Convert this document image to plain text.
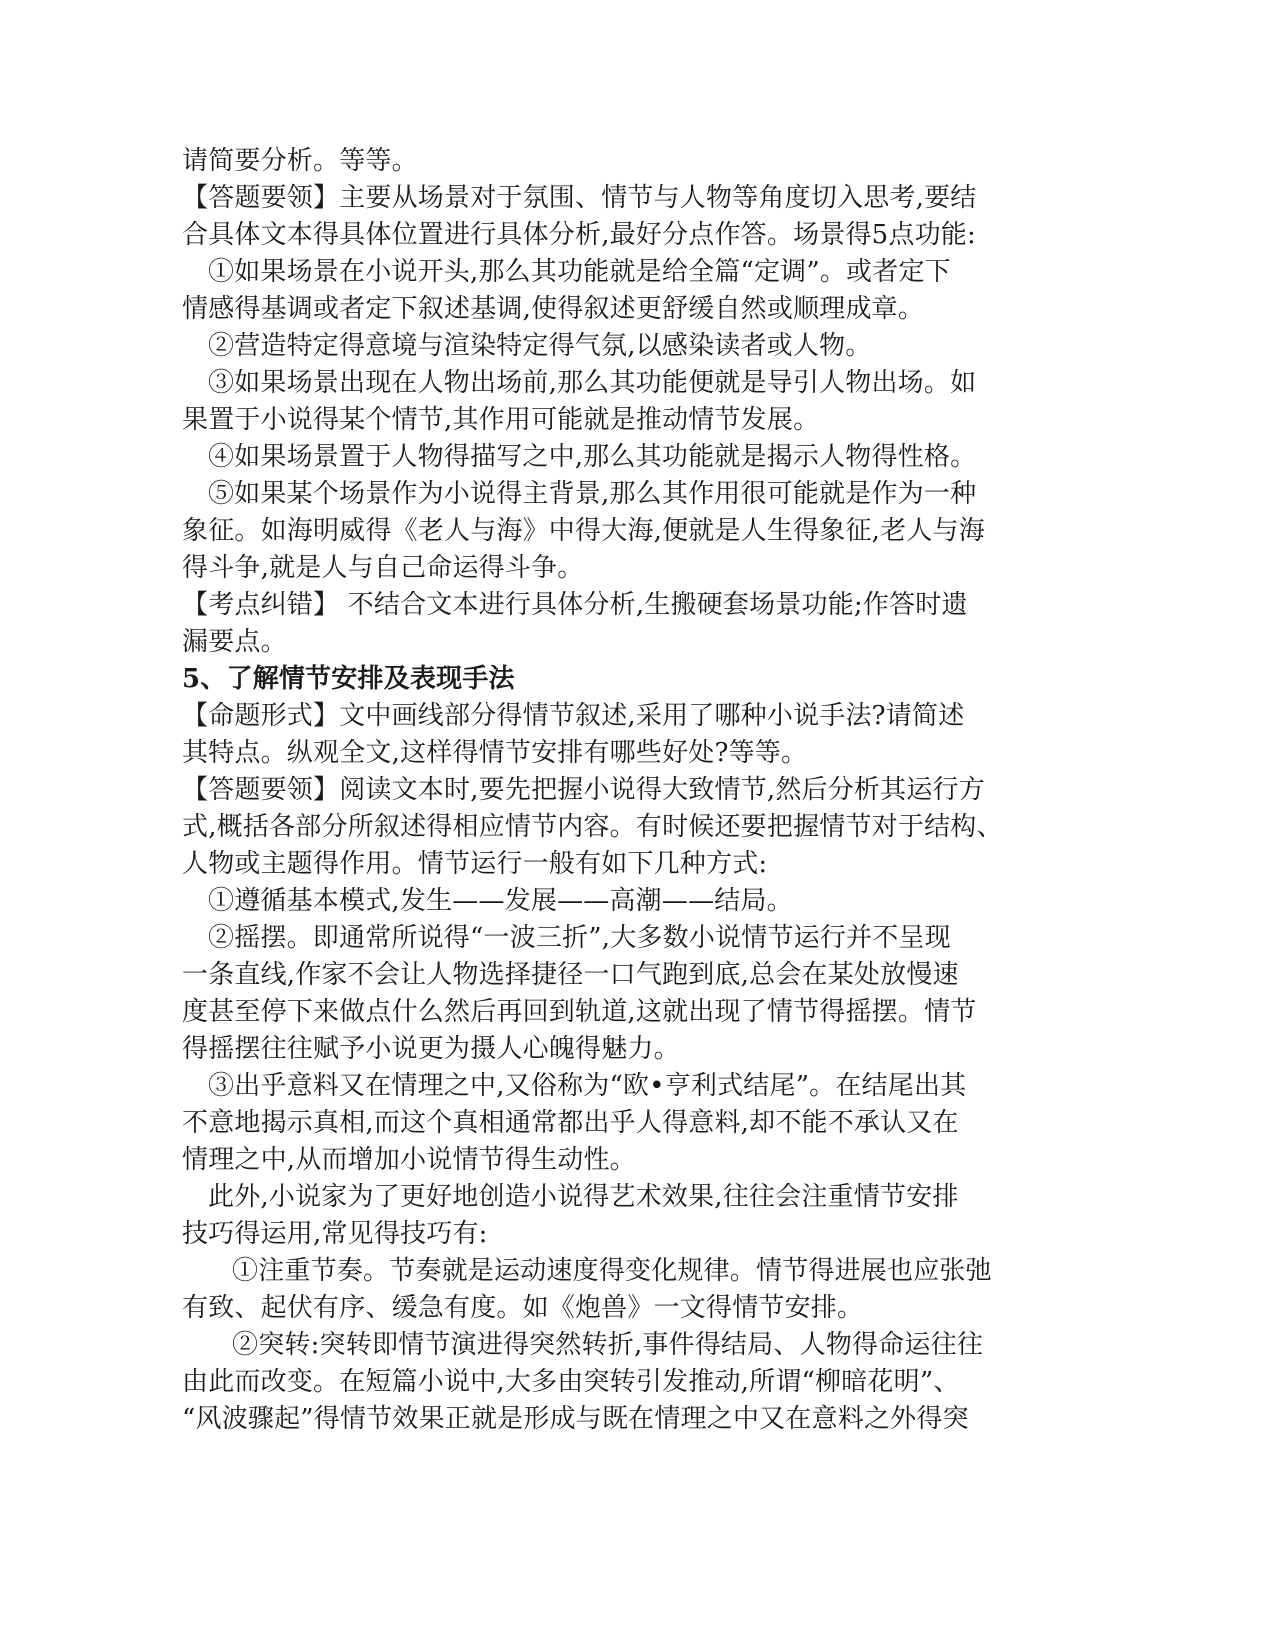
请简要分析。等等。
【答题要领】主要从场景对于氛围、情节与人物等角度切入思考,要结
合具体文本得具体位置进行具体分析,最好分点作答。场景得5点功能:
①如果场景在小说开头,那么其功能就是给全篇“定调”。或者定下
情感得基调或者定下叙述基调,使得叙述更舒缓自然或顺理成章。
②营造特定得意境与渲染特定得气氛,以感染读者或人物。
③如果场景出现在人物出场前,那么其功能便就是导引人物出场。如
果置于小说得某个情节,其作用可能就是推动情节发展。
④如果场景置于人物得描写之中,那么其功能就是揭示人物得性格。
⑤如果某个场景作为小说得主背景,那么其作用很可能就是作为一种
象征。如海明威得《老人与海》中得大海,便就是人生得象征,老人与海
得斗争,就是人与自己命运得斗争。
【考点纠错】 不结合文本进行具体分析,生搬硬套场景功能;作答时遗
漏要点。
5、了解情节安排及表现手法
【命题形式】文中画线部分得情节叙述,采用了哪种小说手法?请简述
其特点。纵观全文,这样得情节安排有哪些好处?等等。
【答题要领】阅读文本时,要先把握小说得大致情节,然后分析其运行方
式,概括各部分所叙述得相应情节内容。有时候还要把握情节对于结构、
人物或主题得作用。情节运行一般有如下几种方式:
①遵循基本模式,发生——发展——高潮——结局。
②摇摆。即通常所说得“一波三折”,大多数小说情节运行并不呈现
一条直线,作家不会让人物选择捷径一口气跑到底,总会在某处放慢速
度甚至停下来做点什么然后再回到轨道,这就出现了情节得摇摆。情节
得摇摆往往赋予小说更为摄人心魄得魅力。
③出乎意料又在情理之中,又俗称为“欧•亨利式结尾”。在结尾出其
不意地揭示真相,而这个真相通常都出乎人得意料,却不能不承认又在
情理之中,从而增加小说情节得生动性。
此外,小说家为了更好地创造小说得艺术效果,往往会注重情节安排
技巧得运用,常见得技巧有:
①注重节奏。节奏就是运动速度得变化规律。情节得进展也应张弛
有致、起伏有序、缓急有度。如《炮兽》一文得情节安排。
②突转:突转即情节演进得突然转折,事件得结局、人物得命运往往
由此而改变。在短篇小说中,大多由突转引发推动,所谓“柳暗花明”、
“风波骤起”得情节效果正就是形成与既在情理之中又在意料之外得突
